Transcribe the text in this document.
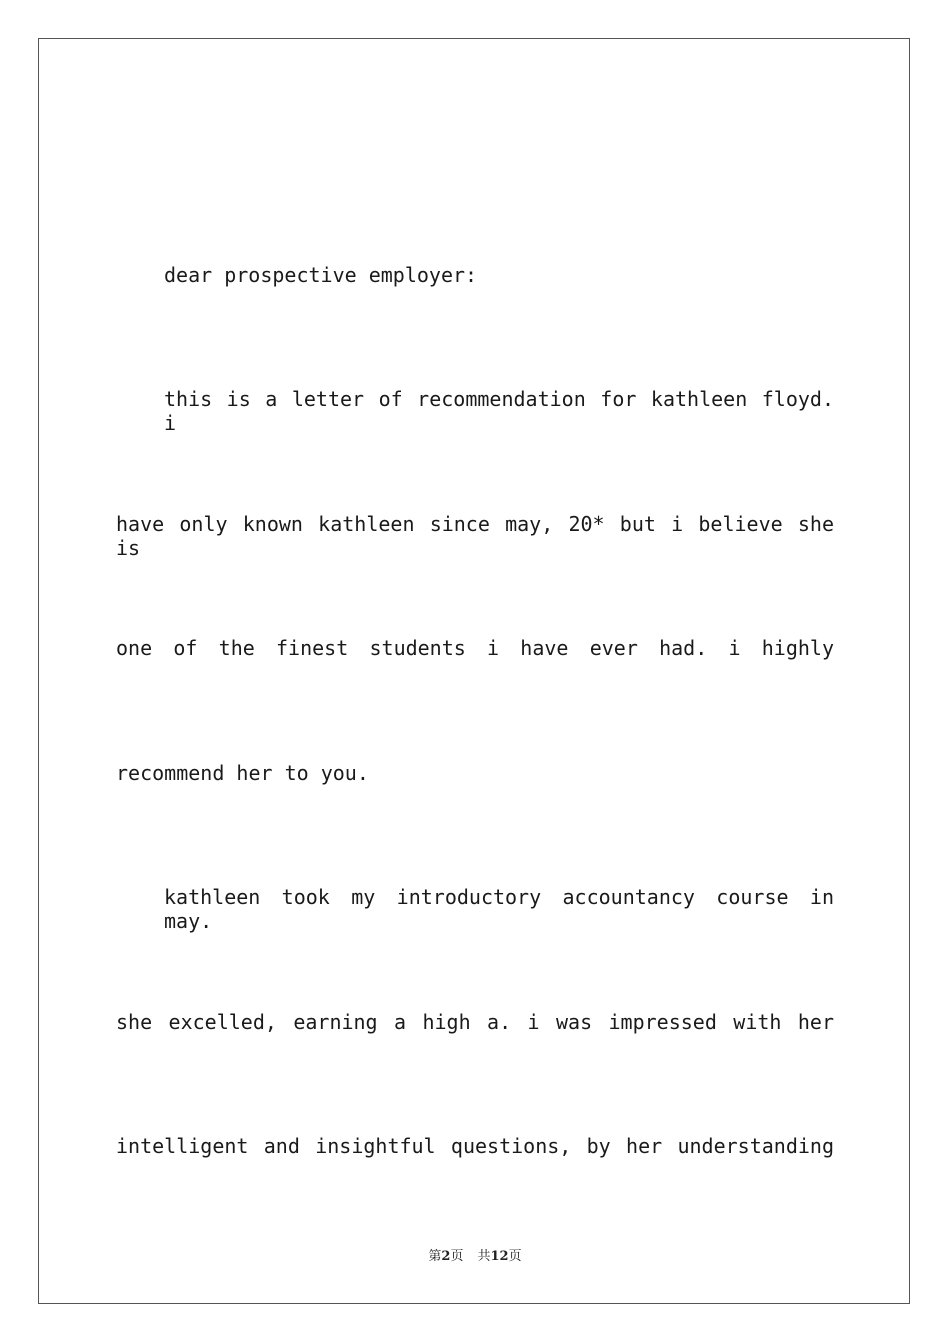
dear prospective employer:
this is a letter of recommendation for kathleen floyd. i
have only known kathleen since may, 20* but i believe she is
one of the finest students i have ever had. i highly
recommend her to you.
kathleen took my introductory accountancy course in may.
she excelled, earning a high a. i was impressed with her
intelligent and insightful questions, by her understanding
第2页 共12页
